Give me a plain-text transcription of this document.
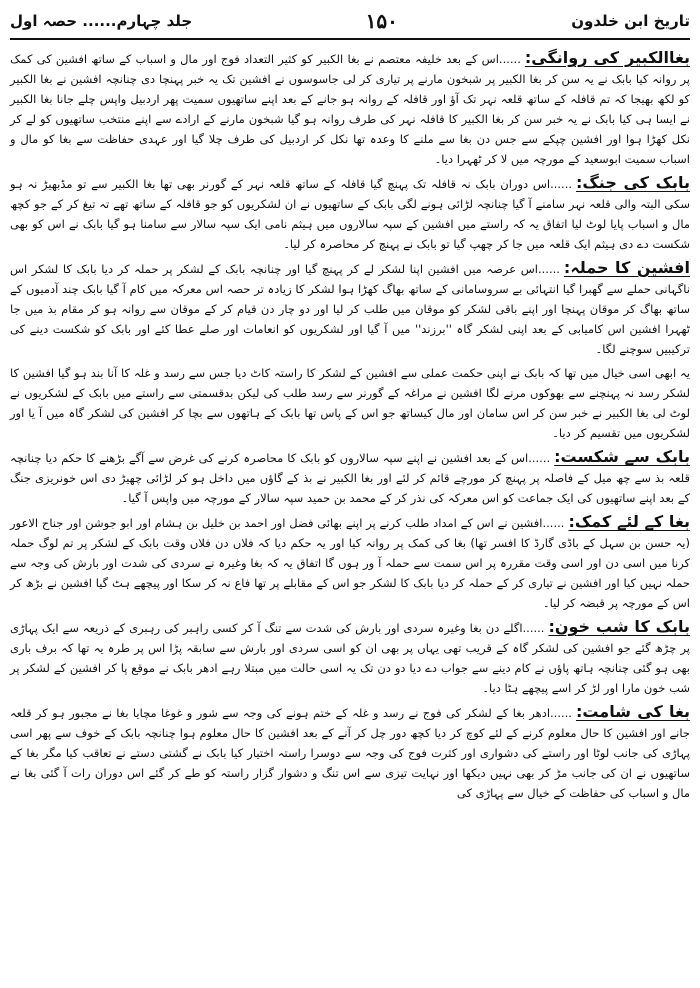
تاریخ ابن خلدون
۱۵۰
جلد چہارم...... حصہ اول

بغاالکبیر کی روانگی:......اس کے بعد خلیفہ معتصم نے بغا الکبیر کو کثیر التعداد فوج اور مال و اسباب کے ساتھ افشین کی کمک پر روانہ کیا بابک نے یہ سن کر بغا الکبیر پر شبخون مارنے پر تیاری کر لی جاسوسوں نے افشین تک یہ خبر پہنچا دی چنانچہ افشین نے بغا الکبیر کو لکھ بھیجا کہ تم قافلہ کے ساتھ قلعہ نہر تک آؤ اور قافلہ کے روانہ ہو جانے کے بعد اپنے ساتھیوں سمیت پھر اردبیل واپس چلے جانا بغا الکبیر نے ایسا ہی کیا بابک نے یہ خبر سن کر بغا الکبیر کا قافلہ نہر کی طرف روانہ ہو گیا شبخون مارنے کے ارادے سے اپنے منتخب ساتھیوں کو لے کر نکل کھڑا ہوا اور افشین چپکے سے جس دن بغا سے ملنے کا وعدہ تھا نکل کر اردبیل کی طرف چلا گیا اور عہدی حفاظت سے بغا کو مال و اسباب سمیت ابوسعید کے مورچہ میں لا کر ٹھہرا دیا۔

بابک کی جنگ:......اس دوران بابک نہ قافلہ تک پہنچ گیا قافلہ کے ساتھ قلعہ نہر کے گورنر بھی تھا بغا الکبیر سے تو مڈبھیڑ نہ ہو سکی البتہ والی قلعہ نہر سامنے آ گیا چنانچہ لڑائی ہونے لگی بابک کے ساتھیوں نے ان لشکریوں کو جو قافلہ کے ساتھ تھے تہ تیغ کر کے جو کچھ مال و اسباب پایا لوٹ لیا اتفاق یہ کہ راستے میں افشین کے سپہ سالاروں میں ہیثم نامی ایک سپہ سالار سے سامنا ہو گیا بابک نے اس کو بھی شکست دے دی ہیثم ایک قلعہ میں جا کر چھپ گیا تو بابک نے پہنچ کر محاصرہ کر لیا۔

افشین کا حملہ:......اس عرصہ میں افشین اپنا لشکر لے کر پہنچ گیا اور چنانچہ بابک کے لشکر پر حملہ کر دیا بابک کا لشکر اس ناگہانی حملے سے گھبرا گیا انتہائی بے سروسامانی کے ساتھ بھاگ کھڑا ہوا لشکر کا زیادہ تر حصہ اس معرکہ میں کام آ گیا بابک چند آدمیوں کے ساتھ بھاگ کر موقان پہنچا اور اپنے باقی لشکر کو موقان میں طلب کر لیا اور دو چار دن قیام کر کے موقان سے روانہ ہو کر مقام بذ میں جا ٹھہرا افشین اس کامیابی کے بعد اپنی لشکر گاہ ''برزند'' میں آ گیا اور لشکریوں کو انعامات اور صلے عطا کئے اور بابک کو شکست دینے کی ترکیبیں سوچنے لگا۔

یہ ابھی اسی خیال میں تھا کہ بابک نے اپنی حکمت عملی سے افشین کے لشکر کا راستہ کاٹ دیا جس سے رسد و غلہ کا آنا بند ہو گیا افشین کا لشکر رسد نہ پہنچنے سے بھوکوں مرنے لگا افشین نے مراغہ کے گورنر سے رسد طلب کی لیکن بدقسمتی سے راستے میں بابک کے لشکریوں نے لوٹ لی بغا الکبیر نے خبر سن کر اس سامان اور مال کیساتھ جو اس کے پاس تھا بابک کے ہاتھوں سے بچا کر افشین کی لشکر گاہ میں آ یا اور لشکریوں میں تقسیم کر دیا۔

بابک سے شکست:......اس کے بعد افشین نے اپنے سپہ سالاروں کو بابک کا محاصرہ کرنے کی غرض سے آگے بڑھنے کا حکم دیا چنانچہ قلعہ بذ سے چھ میل کے فاصلہ پر پہنچ کر مورچے قائم کر لئے اور بغا الکبیر نے بذ کے گاؤں میں داخل ہو کر لڑائی چھیڑ دی اس خونریزی جنگ کے بعد اپنے ساتھیوں کی ایک جماعت کو اس معرکہ کی نذر کر کے محمد بن حمید سپہ سالار کے مورچہ میں واپس آ گیا۔

بغا کے لئے کمک:......افشین نے اس کے امداد طلب کرنے پر اپنے بھائی فضل اور احمد بن خلیل بن ہشام اور ابو جوشن اور جناح الاعور (یہ حسن بن سہل کے باڈی گارڈ کا افسر تھا) بغا کی کمک پر روانہ کیا اور یہ حکم دیا کہ فلاں دن فلاں وقت بابک کے لشکر پر تم لوگ حملہ کرنا میں اسی دن اور اسی وقت مقررہ پر اس سمت سے حملہ آ ور ہوں گا اتفاق یہ کہ بغا وغیرہ نے سردی کی شدت اور بارش کی وجہ سے حملہ نہیں کیا اور افشین نے تیاری کر کے حملہ کر دیا بابک کا لشکر جو اس کے مقابلے پر تھا فاع نہ کر سکا اور پیچھے ہٹ گیا افشین نے بڑھ کر اس کے مورچہ پر قبضہ کر لیا۔

بابک کا شب خون:......اگلے دن بغا وغیرہ سردی اور بارش کی شدت سے تنگ آ کر کسی راہبر کی رہبری کے ذریعہ سے ایک پہاڑی پر چڑھ گئے جو افشین کی لشکر گاہ کے قریب تھی یہاں پر بھی ان کو اسی سردی اور بارش سے سابقہ پڑا اس پر طرہ یہ تھا کہ برف باری بھی ہو گئی چنانچہ ہاتھ پاؤں نے کام دینے سے جواب دے دیا دو دن تک یہ اسی حالت میں مبتلا رہے ادھر بابک نے موقع پا کر افشین کے لشکر پر شب خون مارا اور لڑ کر اسے پیچھے ہٹا دیا۔

بغا کی شامت:......ادھر بغا کے لشکر کی فوج نے رسد و غلہ کے ختم ہونے کی وجہ سے شور و غوغا مچایا بغا نے مجبور ہو کر قلعہ جانے اور افشین کا حال معلوم کرنے کے لئے کوچ کر دیا کچھ دور چل کر آنے کے بعد افشین کا حال معلوم ہوا چنانچہ بابک کے خوف سے پھر اسی پہاڑی کی جانب لوٹا اور راستے کی دشواری اور کثرت فوج کی وجہ سے دوسرا راستہ اختیار کیا بابک نے گشتی دستے نے تعاقب کیا مگر بغا کے ساتھیوں نے ان کی جانب مڑ کر بھی نہیں دیکھا اور نہایت تیزی سے اس تنگ و دشوار گزار راستہ کو طے کر گئے اس دوران رات آ گئی بغا نے مال و اسباب کی حفاظت کے خیال سے پہاڑی کی
